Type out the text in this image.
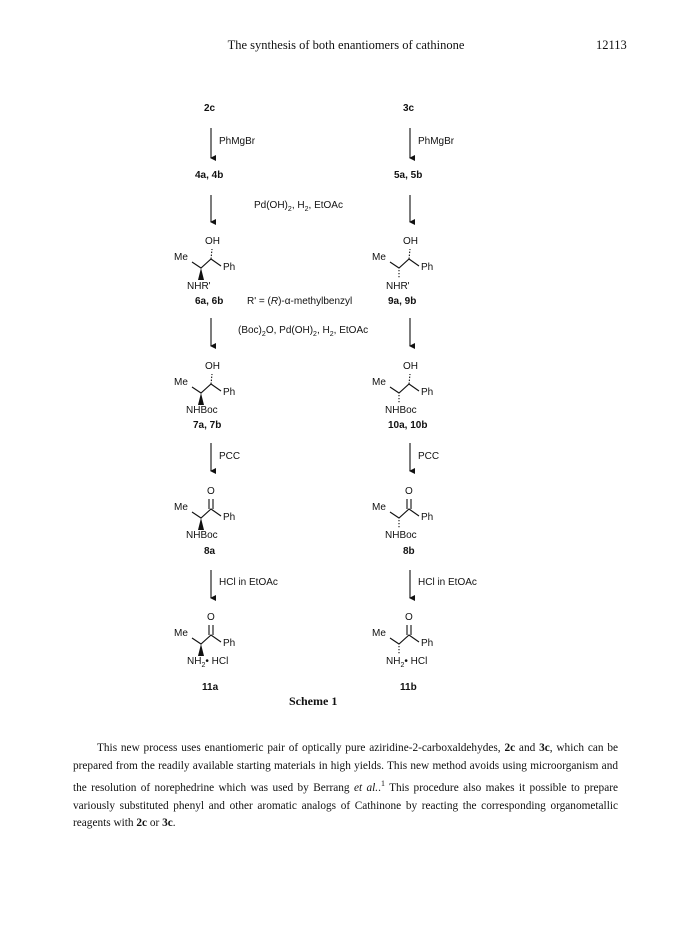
The synthesis of both enantiomers of cathinone	12113
2c	3c
PhMgBr	PhMgBr
4a, 4b	5a, 5b
$Pd(OH)_2$, $H_2$, EtOAc
OH
Me
Ph
NHR'
OH
Me
Ph
NHR'
6a, 6b R' = (R)-α-methylbenzyl	9a, 9b
$(Boc)_2O$, $Pd(OH)_2$, $H_2$, EtOAc
OH
Me
Ph
NHBoc
OH
Me
Ph
NHBoc
7a, 7b	10a, 10b
PCC	PCC
O
Me
Ph
NHBoc
O
Me
Ph
NHBoc
8a	8b
HCl in EtOAc	HCl in EtOAc
O
Me
Ph
$NH_2•$ HCl
O
Me
Ph
$NH_2•$ HCl
11a	11b
Scheme 1

This new process uses enantiomeric pair of optically pure aziridine-2-carboxaldehydes, 2c and 3c, which can be prepared from the readily available starting materials in high yields. This new method avoids using microorganism and the resolution of norephedrine which was used by Berrang et al..$^1$ This procedure also makes it possible to prepare variously substituted phenyl and other aromatic analogs of Cathinone by reacting the corresponding organometallic reagents with 2c or 3c.
